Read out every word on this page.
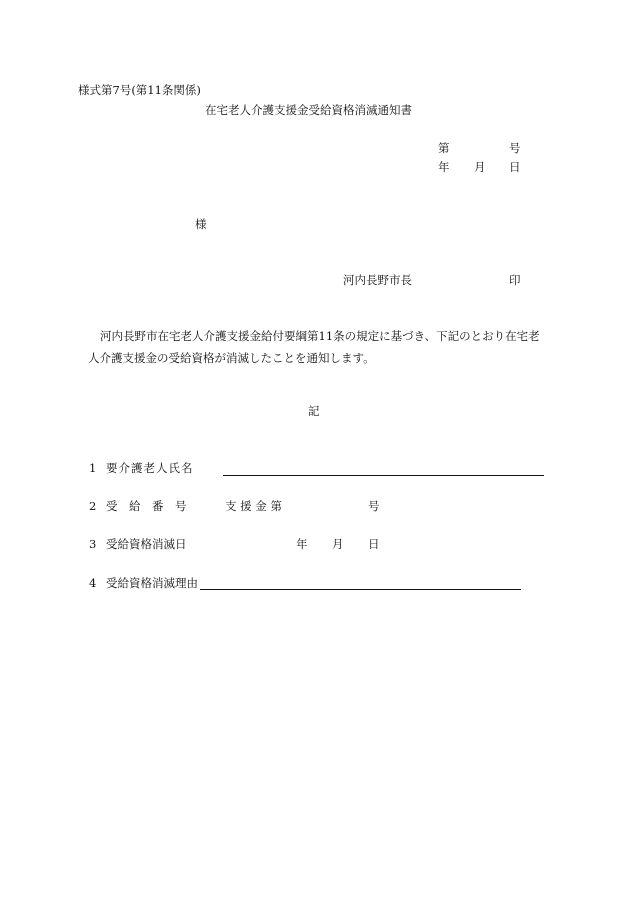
様式第7号(第11条関係)
在宅老人介護支援金受給資格消滅通知書
第	号
年 月 日
様
河内長野市長	印
河内長野市在宅老人介護支援金給付要綱第11条の規定に基づき、下記のとおり在宅老人介護支援金の受給資格が消滅したことを通知します。
記
1 要介護老人氏名
2 受　給　番　号	支 援 金 第	号
3 受給資格消滅日	年 月 日
4 受給資格消滅理由
